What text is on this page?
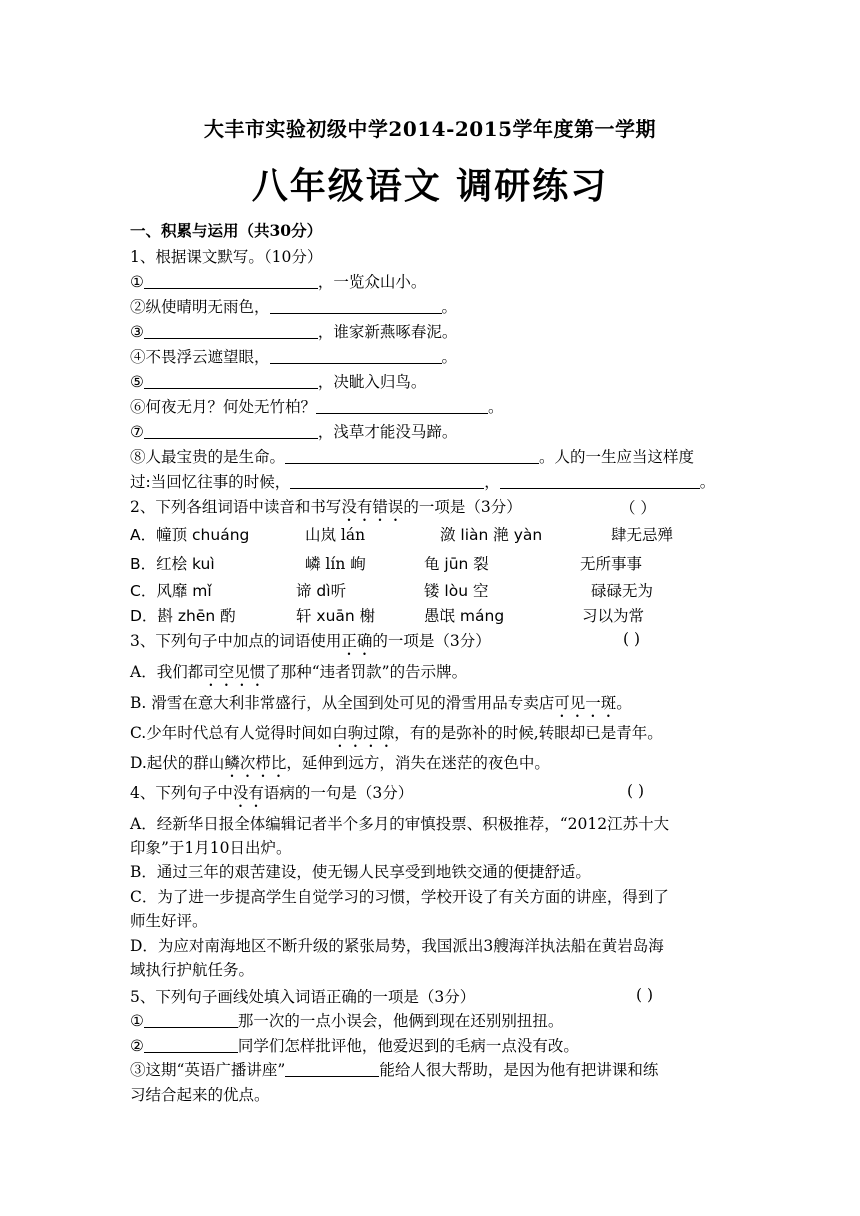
大丰市实验初级中学2014-2015学年度第一学期
八年级语文 调研练习
一、积累与运用（共30分）
1、根据课文默写。（10分）
①	，一览众山小。
②纵使晴明无雨色，	。
③	，谁家新燕啄春泥。
④不畏浮云遮望眼，	。
⑤	，决眦入归鸟。
⑥何夜无月？何处无竹柏？	。
⑦	，浅草才能没马蹄。
⑧人最宝贵的是生命。	。人的一生应当这样度
过:当回忆往事的时候，	，	。
2、下列各组词语中读音和书写没有错误的一项是（3分）	（ ）
A．幢顶 chuáng	山岚 lán	潋 liàn 滟 yàn	肆无忌殚
B．红桧 kuì	嶙 lín 峋	龟 jūn 裂	无所事事
C．风靡 mǐ	谛 dì听	镂 lòu 空	碌碌无为
D．斟 zhēn 酌	轩 xuān 榭	愚氓 máng	习以为常
3、下列句子中加点的词语使用正确的一项是（3分）	( )
A．我们都司空见惯了那种“违者罚款”的告示牌。
B. 滑雪在意大利非常盛行，从全国到处可见的滑雪用品专卖店可见一斑。
C.少年时代总有人觉得时间如白驹过隙，有的是弥补的时候,转眼却已是青年。
D.起伏的群山鳞次栉比，延伸到远方，消失在迷茫的夜色中。
4、下列句子中没有语病的一句是（3分）	( )
A．经新华日报全体编辑记者半个多月的审慎投票、积极推荐，“2012江苏十大
印象”于1月10日出炉。
B．通过三年的艰苦建设，使无锡人民享受到地铁交通的便捷舒适。
C．为了进一步提高学生自觉学习的习惯，学校开设了有关方面的讲座，得到了
师生好评。
D．为应对南海地区不断升级的紧张局势，我国派出3艘海洋执法船在黄岩岛海
域执行护航任务。
5、下列句子画线处填入词语正确的一项是（3分）	( )
①	那一次的一点小误会，他俩到现在还别别扭扭。
②	同学们怎样批评他，他爱迟到的毛病一点没有改。
③这期“英语广播讲座”	能给人很大帮助，是因为他有把讲课和练
习结合起来的优点。
